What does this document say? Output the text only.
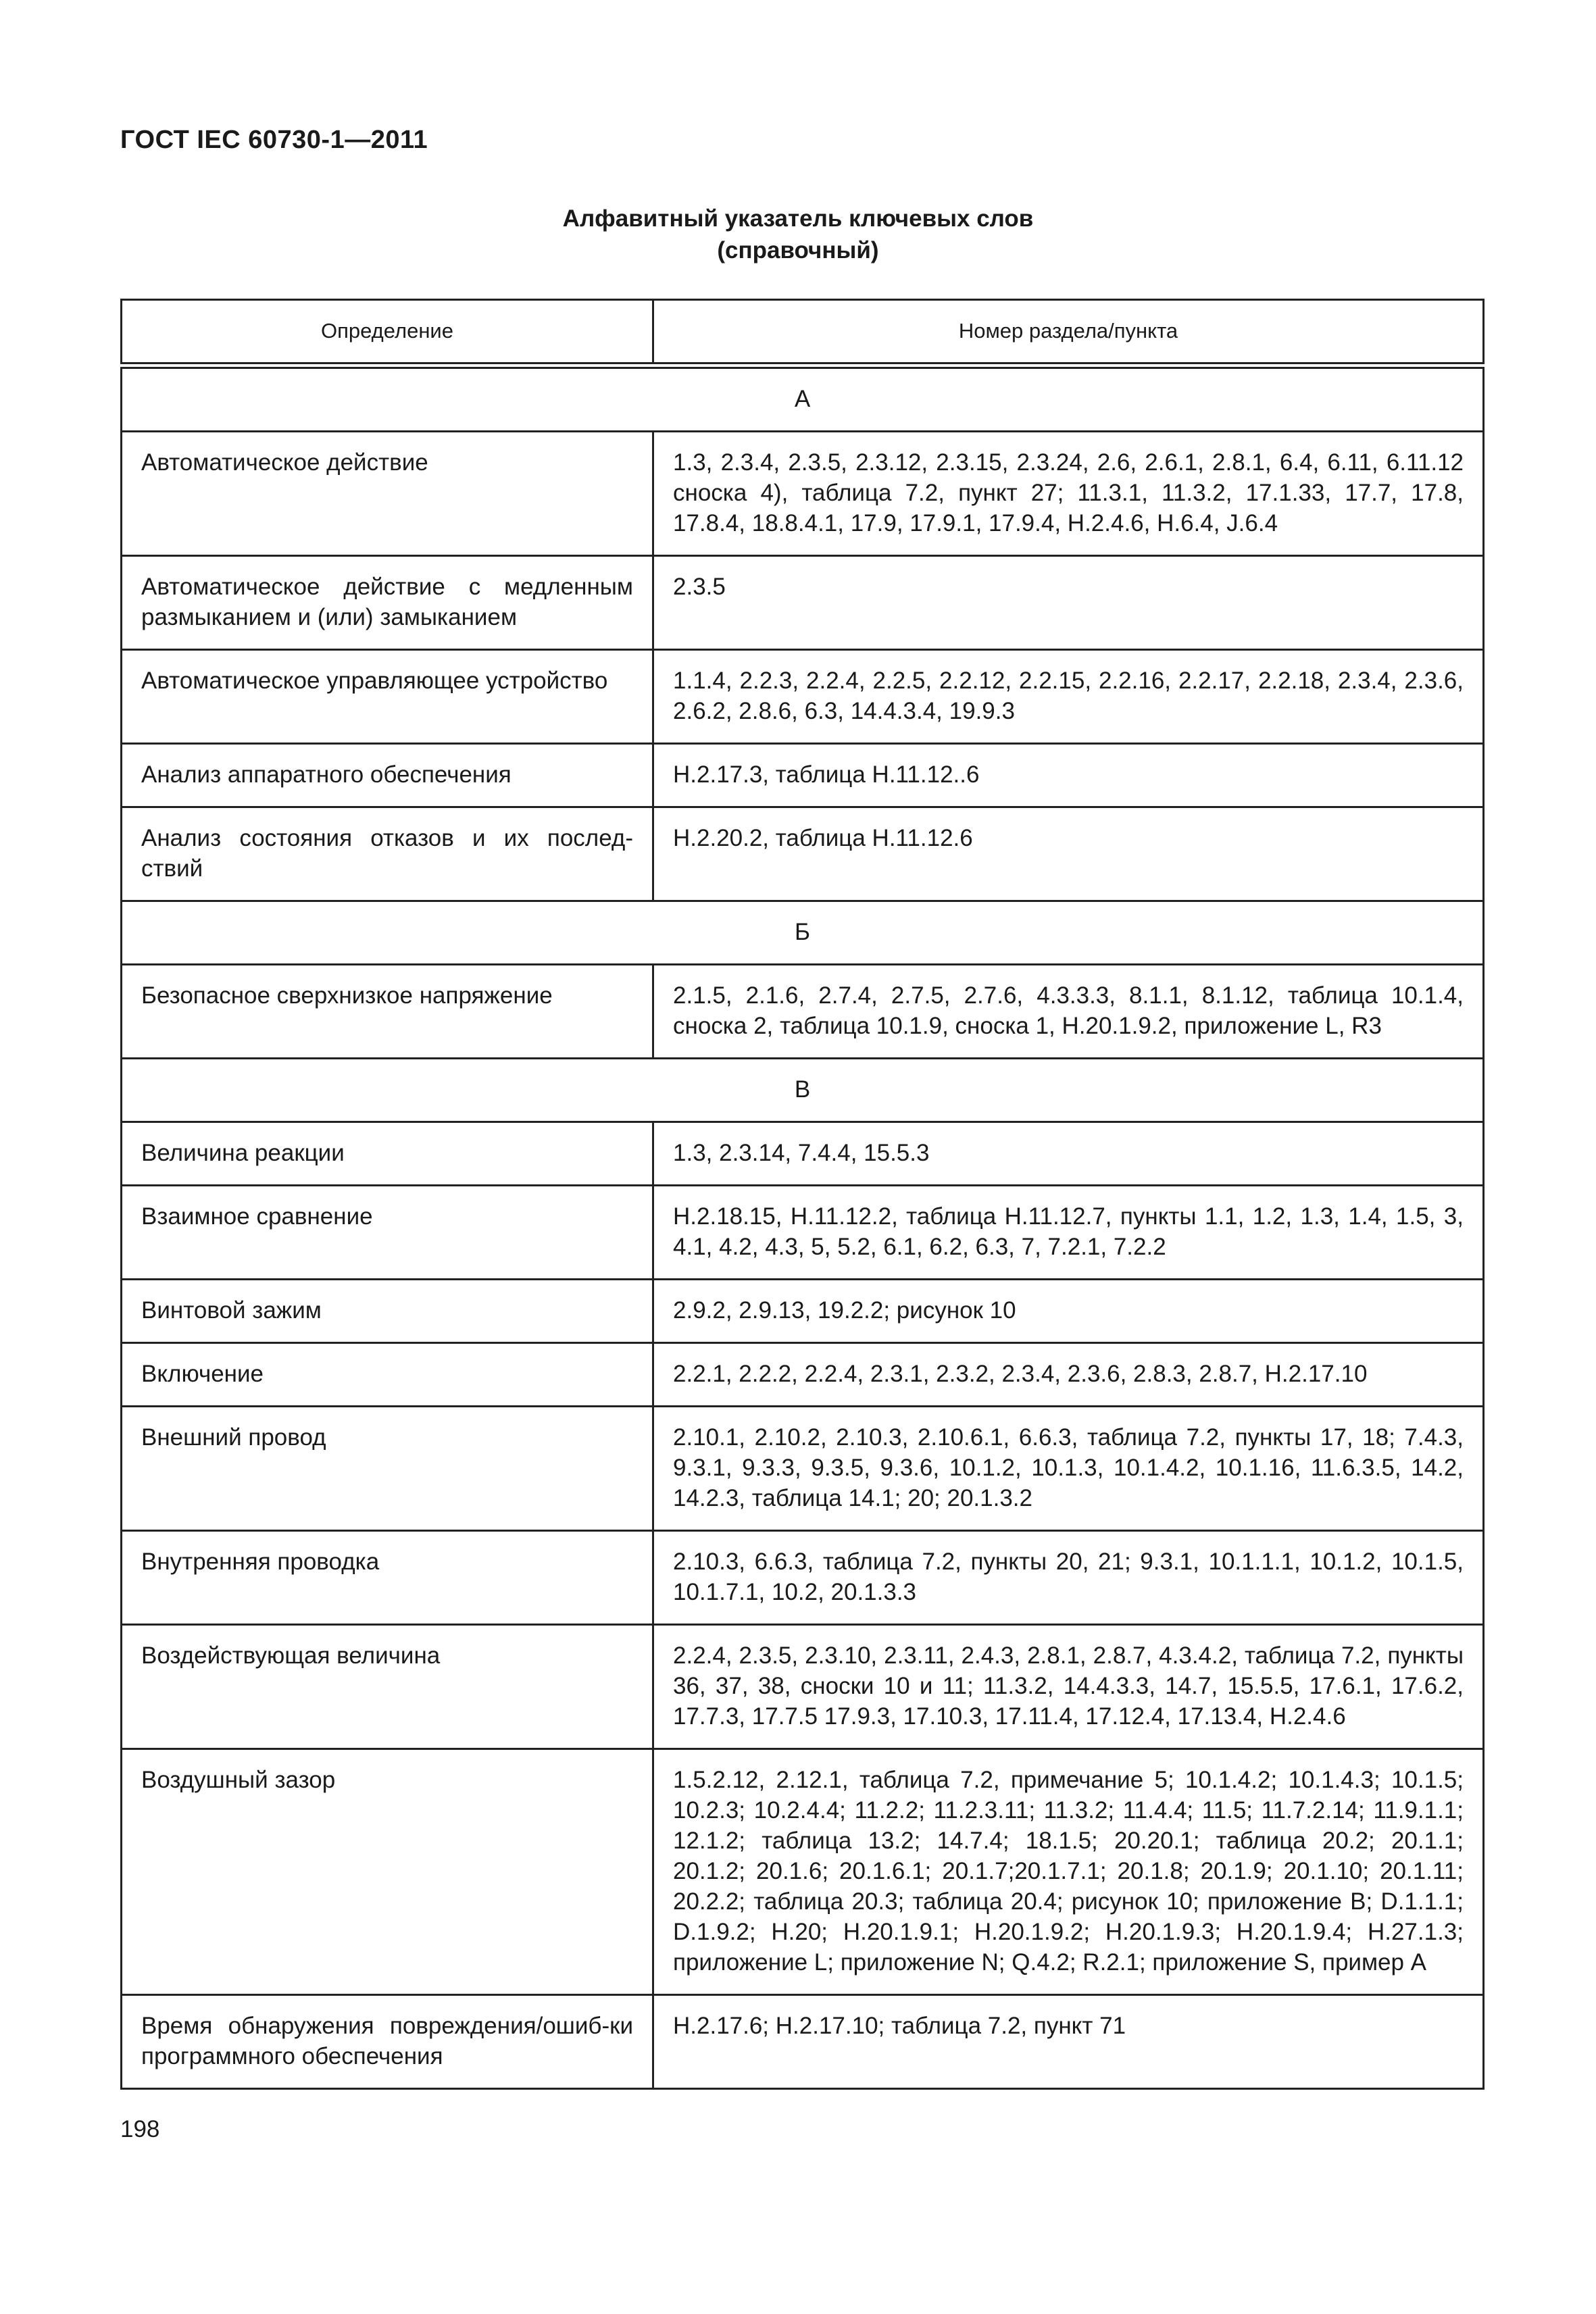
ГОСТ IEC 60730-1—2011
Алфавитный указатель ключевых слов
(справочный)
Определение	Номер раздела/пункта
А	
Автоматическое действие	1.3, 2.3.4, 2.3.5, 2.3.12, 2.3.15, 2.3.24, 2.6, 2.6.1, 2.8.1, 6.4, 6.11, 6.11.12 сноска 4), таблица 7.2, пункт 27; 11.3.1, 11.3.2, 17.1.33, 17.7, 17.8, 17.8.4, 18.8.4.1, 17.9, 17.9.1, 17.9.4, H.2.4.6, H.6.4, J.6.4
Автоматическое действие с медленным размыканием и (или) замыканием	2.3.5
Автоматическое управляющее устройство	1.1.4, 2.2.3, 2.2.4, 2.2.5, 2.2.12, 2.2.15, 2.2.16, 2.2.17, 2.2.18, 2.3.4, 2.3.6, 2.6.2, 2.8.6, 6.3, 14.4.3.4, 19.9.3
Анализ аппаратного обеспечения	H.2.17.3, таблица H.11.12..6
Анализ состояния отказов и их послед-ствий	H.2.20.2, таблица H.11.12.6
Б	
Безопасное сверхнизкое напряжение	2.1.5, 2.1.6, 2.7.4, 2.7.5, 2.7.6, 4.3.3.3, 8.1.1, 8.1.12, таблица 10.1.4, сноска 2, таблица 10.1.9, сноска 1, H.20.1.9.2, приложение L, R3
В	
Величина реакции	1.3, 2.3.14, 7.4.4, 15.5.3
Взаимное сравнение	H.2.18.15, H.11.12.2, таблица H.11.12.7, пункты 1.1, 1.2, 1.3, 1.4, 1.5, 3, 4.1, 4.2, 4.3, 5, 5.2, 6.1, 6.2, 6.3, 7, 7.2.1, 7.2.2
Винтовой зажим	2.9.2, 2.9.13, 19.2.2; рисунок 10
Включение	2.2.1, 2.2.2, 2.2.4, 2.3.1, 2.3.2, 2.3.4, 2.3.6, 2.8.3, 2.8.7, H.2.17.10
Внешний провод	2.10.1, 2.10.2, 2.10.3, 2.10.6.1, 6.6.3, таблица 7.2, пункты 17, 18; 7.4.3, 9.3.1, 9.3.3, 9.3.5, 9.3.6, 10.1.2, 10.1.3, 10.1.4.2, 10.1.16, 11.6.3.5, 14.2, 14.2.3, таблица 14.1; 20; 20.1.3.2
Внутренняя проводка	2.10.3, 6.6.3, таблица 7.2, пункты 20, 21; 9.3.1, 10.1.1.1, 10.1.2, 10.1.5, 10.1.7.1, 10.2, 20.1.3.3
Воздействующая величина	2.2.4, 2.3.5, 2.3.10, 2.3.11, 2.4.3, 2.8.1, 2.8.7, 4.3.4.2, таблица 7.2, пункты 36, 37, 38, сноски 10 и 11; 11.3.2, 14.4.3.3, 14.7, 15.5.5, 17.6.1, 17.6.2, 17.7.3, 17.7.5 17.9.3, 17.10.3, 17.11.4, 17.12.4, 17.13.4, H.2.4.6
Воздушный зазор	1.5.2.12, 2.12.1, таблица 7.2, примечание 5; 10.1.4.2; 10.1.4.3; 10.1.5; 10.2.3; 10.2.4.4; 11.2.2; 11.2.3.11; 11.3.2; 11.4.4; 11.5; 11.7.2.14; 11.9.1.1; 12.1.2; таблица 13.2; 14.7.4; 18.1.5; 20.20.1; таблица 20.2; 20.1.1; 20.1.2; 20.1.6; 20.1.6.1; 20.1.7;20.1.7.1; 20.1.8; 20.1.9; 20.1.10; 20.1.11; 20.2.2; таблица 20.3; таблица 20.4; рисунок 10; приложение B; D.1.1.1; D.1.9.2; H.20; H.20.1.9.1; H.20.1.9.2; H.20.1.9.3; H.20.1.9.4; H.27.1.3; приложение L; приложение N; Q.4.2; R.2.1; приложение S, пример A
Время обнаружения повреждения/ошиб-ки программного обеспечения	H.2.17.6; H.2.17.10; таблица 7.2, пункт 71
198
